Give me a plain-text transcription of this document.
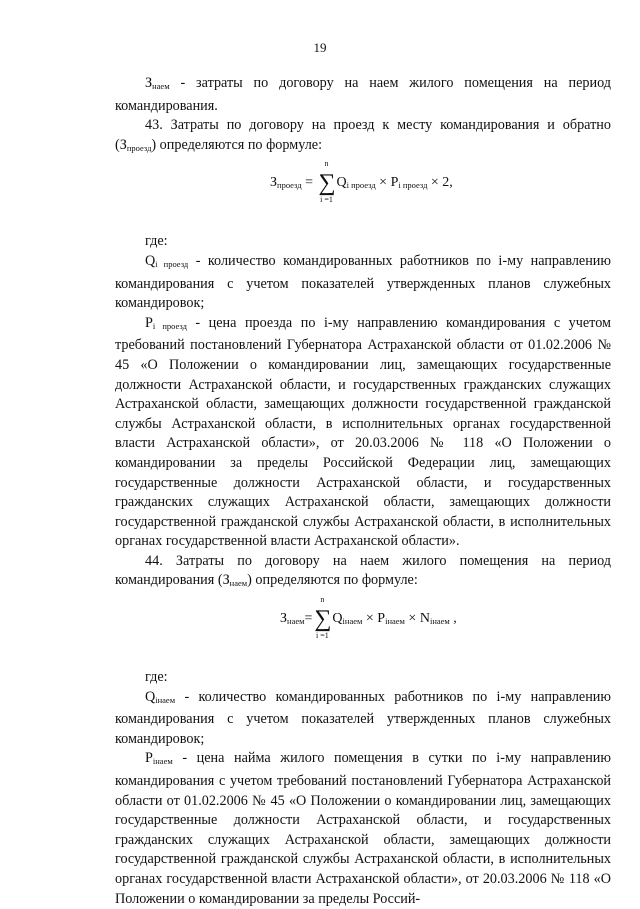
19

$З_{наем}$ - затраты по договору на наем жилого помещения на период командирования.

43. Затраты по договору на проезд к месту командирования и обратно $(З_{проезд})$ определяются по формуле:

$З_{проезд}$ =
n
∑
i =1
$Q_{i проезд} \times P_{i проезд} \times 2$,

где:

$Q_{i проезд}$ - количество командированных работников по i-му направлению командирования с учетом показателей утвержденных планов служебных командировок;

$P_{i проезд}$ - цена проезда по i-му направлению командирования с учетом требований постановлений Губернатора Астраханской области от 01.02.2006 № 45 «О Положении о командировании лиц, замещающих государственные должности Астраханской области, и государственных гражданских служащих Астраханской области, замещающих должности государственной гражданской службы Астраханской области, в исполнительных органах государственной власти Астраханской области», от 20.03.2006 № 118 «О Положении о командировании за пределы Российской Федерации лиц, замещающих государственные должности Астраханской области, и государственных гражданских служащих Астраханской области, замещающих должности государственной гражданской службы Астраханской области, в исполнительных органах государственной власти Астраханской области».

44. Затраты по договору на наем жилого помещения на период командирования $(З_{наем})$ определяются по формуле:

$З_{наем}=$
n
∑
i =1
$Q_{iнаем} \times P_{iнаем} \times N_{iнаем}$ ,

где:

$Q_{iнаем}$ - количество командированных работников по i-му направлению командирования с учетом показателей утвержденных планов служебных командировок;

$P_{iнаем}$ - цена найма жилого помещения в сутки по i-му направлению командирования с учетом требований постановлений Губернатора Астраханской области от 01.02.2006 № 45 «О Положении о командировании лиц, замещающих государственные должности Астраханской области, и государственных гражданских служащих Астраханской области, замещающих должности государственной гражданской службы Астраханской области, в исполнительных органах государственной власти Астраханской области», от 20.03.2006 № 118 «О Положении о командировании за пределы Россий-
